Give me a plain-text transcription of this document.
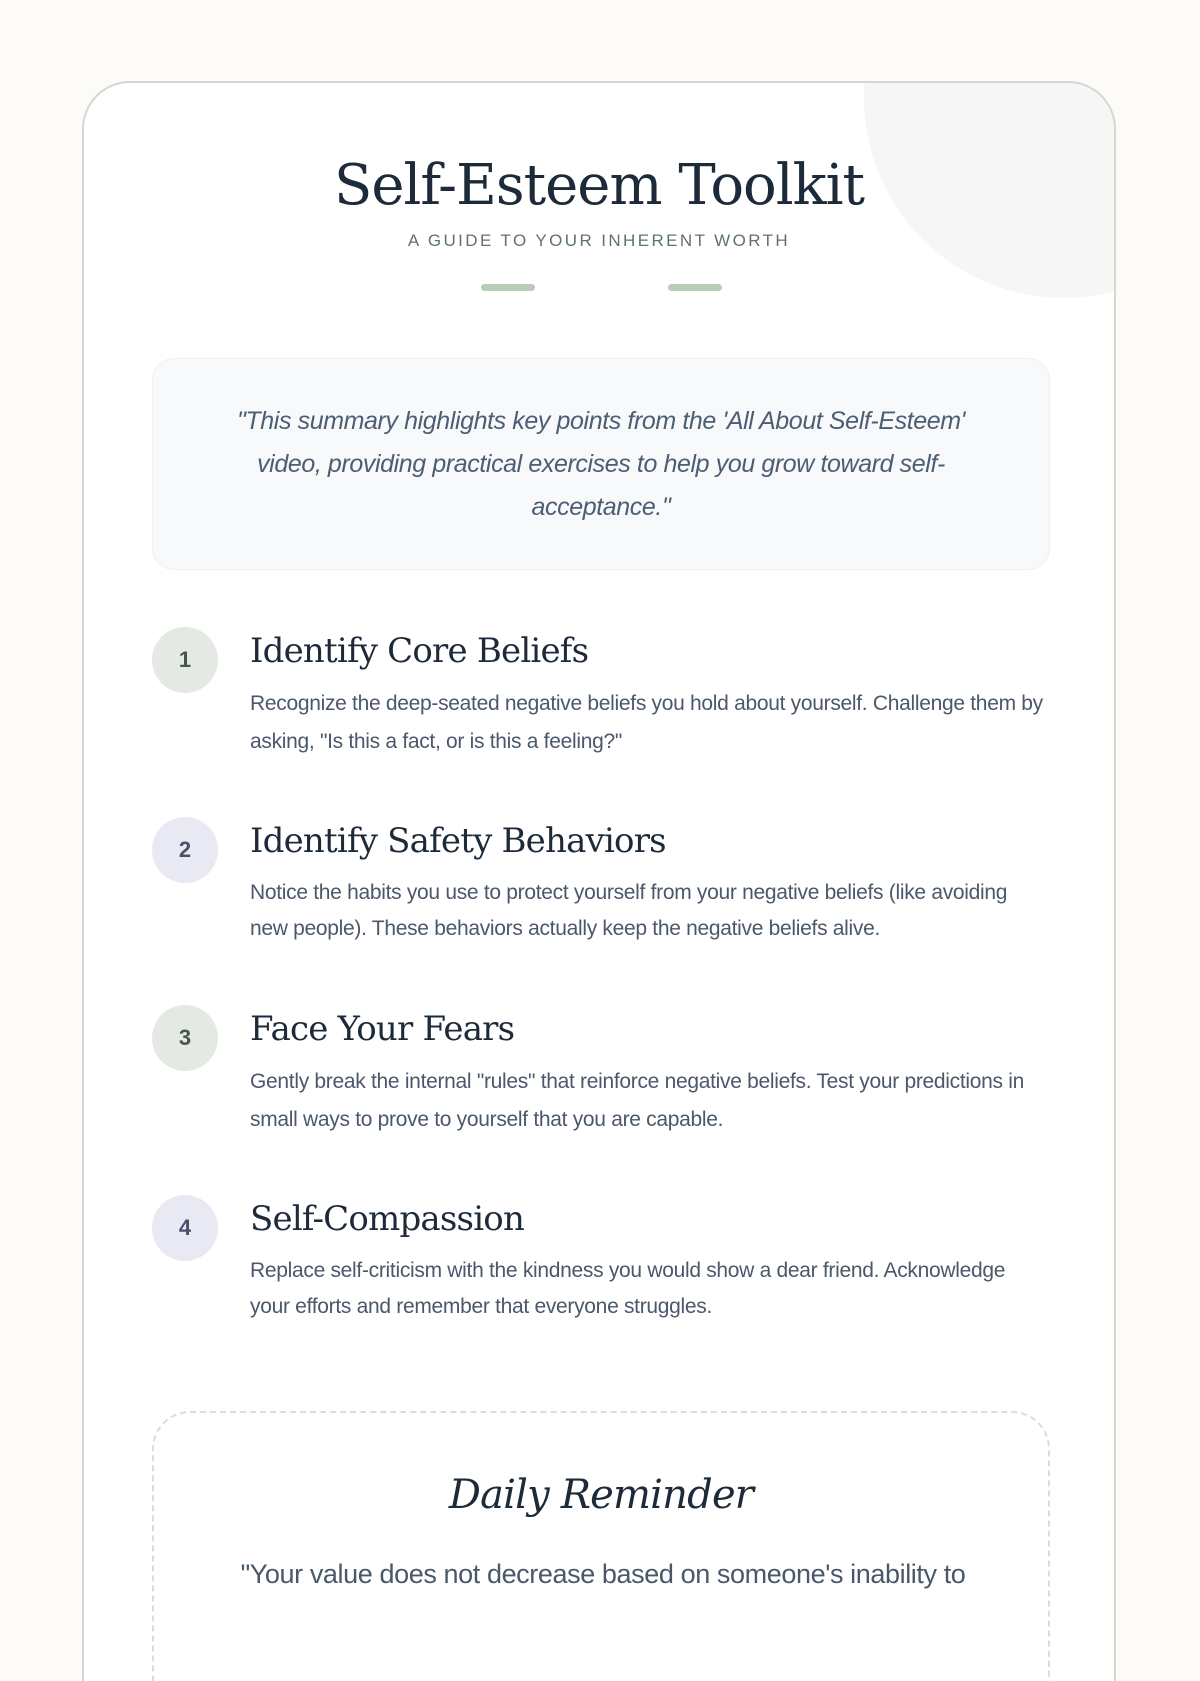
Self-Esteem Toolkit
A GUIDE TO YOUR INHERENT WORTH
"This summary highlights key points from the 'All About Self-Esteem' video, providing practical exercises to help you grow toward self-acceptance."
1	Identify Core Beliefs

Recognize the deep-seated negative beliefs you hold about yourself. Challenge them by asking, "Is this a fact, or is this a feeling?"

2	Identify Safety Behaviors

Notice the habits you use to protect yourself from your negative beliefs (like avoiding new people). These behaviors actually keep the negative beliefs alive.

3	Face Your Fears

Gently break the internal "rules" that reinforce negative beliefs. Test your predictions in small ways to prove to yourself that you are capable.

4	Self-Compassion

Replace self-criticism with the kindness you would show a dear friend. Acknowledge your efforts and remember that everyone struggles.

Daily Reminder

"Your value does not decrease based on someone's inability to
